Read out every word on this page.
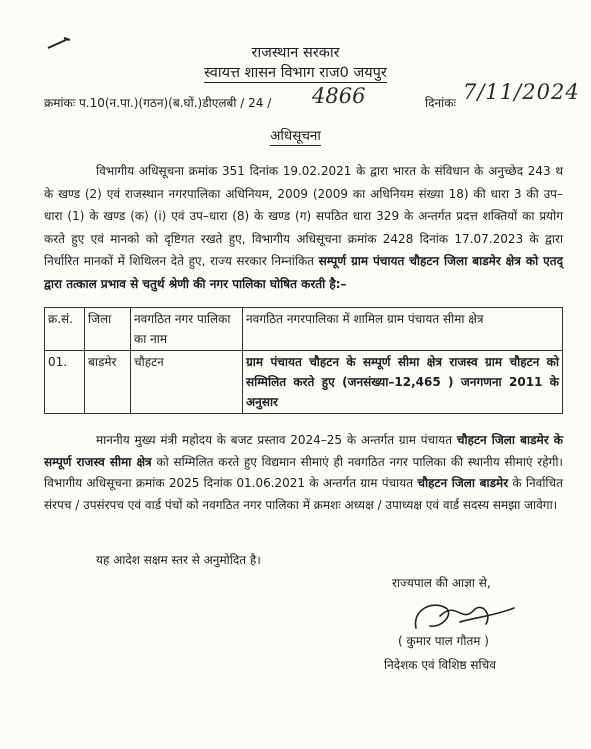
राजस्थान सरकार
स्वायत्त शासन विभाग राज0 जयपुर
क्रमांकः प.10(न.पा.)(गठन)(ब.घों.)डीएलबी / 24 / 4866	दिनांकः 7/11/2024
अधिसूचना
विभागीय अधिसूचना क्रमांक 351 दिनांक 19.02.2021 के द्वारा भारत के संविधान के अनुच्छेद 243 थ के खण्ड (2) एवं राजस्थान नगरपालिका अधिनियम, 2009 (2009 का अधिनियम संख्या 18) की धारा 3 की उप–धारा (1) के खण्ड (क) (i) एवं उप–धारा (8) के खण्ड (ग) सपठित धारा 329 के अन्तर्गत प्रदत्त शक्तियों का प्रयोग करते हुए एवं मानको को दृष्टिगत रखते हुए, विभागीय अधिसूचना क्रमांक 2428 दिनांक 17.07.2023 के द्वारा निर्धारित मानकों में शिथिलन देते हुए, राज्य सरकार निम्नांकित सम्पूर्ण ग्राम पंचायत चौहटन जिला बाडमेर क्षेत्र को एतद् द्वारा तत्काल प्रभाव से चतुर्थ श्रेणी की नगर पालिका घोषित करती है:–
क्र.सं.	जिला	नवगठित नगर पालिका का नाम	नवगठित नगरपालिका में शामिल ग्राम पंचायत सीमा क्षेत्र
01.	बाडमेर	चौहटन	ग्राम पंचायत चौहटन के सम्पूर्ण सीमा क्षेत्र राजस्व ग्राम चौहटन को सम्मिलित करते हुए (जनसंख्या–12,465 ) जनगणना 2011 के अनुसार
माननीय मुख्य मंत्री महोदय के बजट प्रस्ताव 2024–25 के अन्तर्गत ग्राम पंचायत चौहटन जिला बाडमेर के सम्पूर्ण राजस्व सीमा क्षेत्र को सम्मिलित करते हुए विद्यमान सीमाएं ही नवगठित नगर पालिका की स्थानीय सीमाएं रहेगी। विभागीय अधिसूचना क्रमांक 2025 दिनांक 01.06.2021 के अन्तर्गत ग्राम पंचायत चौहटन जिला बाडमेर के निर्वाचित संरपच / उपसंरपच एवं वार्ड पंचों को नवगठित नगर पालिका में क्रमशः अध्यक्ष / उपाध्यक्ष एवं वार्ड सदस्य समझा जावेगा।
यह आदेश सक्षम स्तर से अनुमोदित है।
राज्यपाल की आज्ञा से,
( कुमार पाल गौतम )
निदेशक एवं विशिष्ठ सचिव
